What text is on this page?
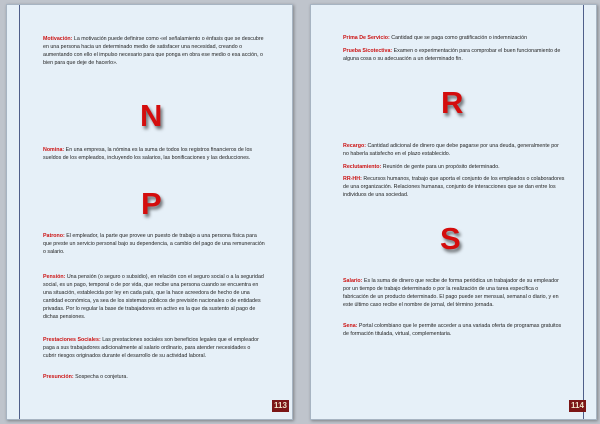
Motivación: La motivación puede definirse como «el señalamiento o énfasis que se descubre en una persona hacia un determinado medio de satisfacer una necesidad, creando o aumentando con ello el impulso necesario para que ponga en obra ese medio o esa acción, o bien para que deje de hacerlo».
N
Nomina: En una empresa, la nómina es la suma de todos los registros financieros de los sueldos de los empleados, incluyendo los salarios, las bonificaciones y las deducciones.
P
Patrono: El empleador, la parte que provee un puesto de trabajo a una persona física para que preste un servicio personal bajo su dependencia, a cambio del pago de una remuneración o salario.
Pensión: Una pensión (o seguro o subsidio), en relación con el seguro social o a la seguridad social, es un pago, temporal o de por vida, que recibe una persona cuando se encuentra en una situación, establecida por ley en cada país, que la hace acreedora de hecho de una cantidad económica, ya sea de los sistemas públicos de previsión nacionales o de entidades privadas. Por lo regular la base de trabajadores en activo es la que da sustento al pago de dichas pensiones.
Prestaciones Sociales: Las prestaciones sociales son beneficios legales que el empleador paga a sus trabajadores adicionalmente al salario ordinario, para atender necesidades o cubrir riesgos originados durante el desarrollo de su actividad laboral.
Presunción: Sospecha o conjetura.
113
Prima De Servicio: Cantidad que se paga como gratificación o indemnización
Prueba Sicotectiva: Examen o experimentación para comprobar el buen funcionamiento de alguna cosa o su adecuación a un determinado fin.
R
Recargo: Cantidad adicional de dinero que debe pagarse por una deuda, generalmente por no haberla satisfecho en el plazo establecido.
Reclutamiento: Reunión de gente para un propósito determinado.
RR-HH: Recursos humanos, trabajo que aporta el conjunto de los empleados o colaboradores de una organización. Relaciones humanas, conjunto de interacciones que se dan entre los individuos de una sociedad.
S
Salario: Es la suma de dinero que recibe de forma periódica un trabajador de su empleador por un tiempo de trabajo determinado o por la realización de una tarea específica o fabricación de un producto determinado. El pago puede ser mensual, semanal o diario, y en este último caso recibe el nombre de jornal, del término jornada.
Sena: Portal colombiano que le permite acceder a una variada oferta de programas gratuitos de formación titulada, virtual, complementaria.
114
